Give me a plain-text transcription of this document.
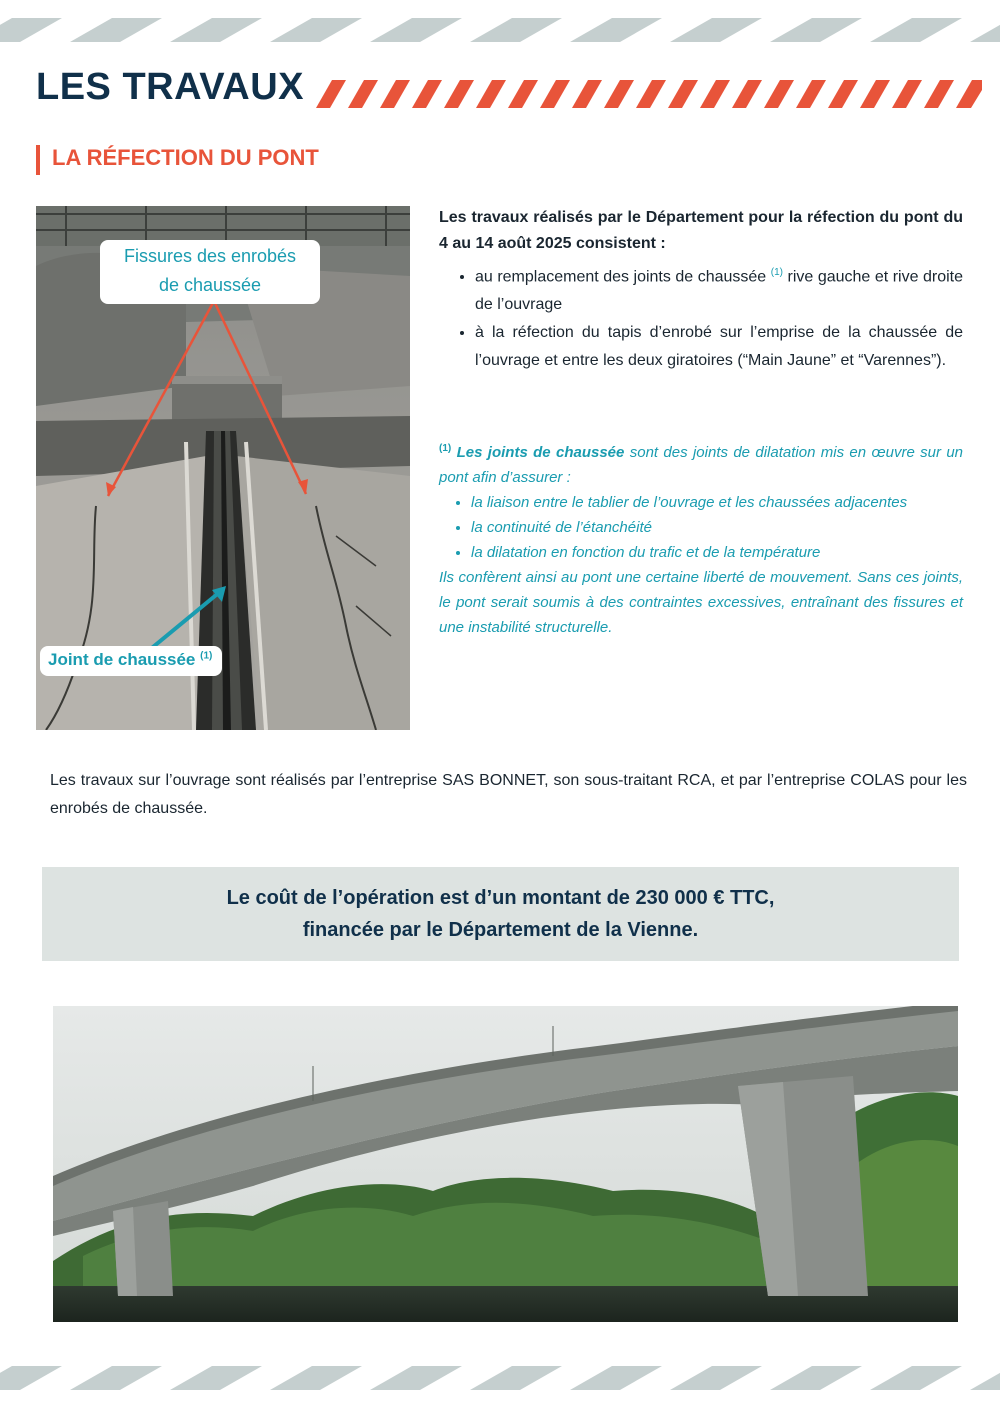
LES TRAVAUX
LA RÉFECTION DU PONT
Fissures des enrobés
de chaussée
Joint de chaussée $^{(1)}$
Les travaux réalisés par le Département pour la réfection du pont du 4 au 14 août 2025 consistent :
• au remplacement des joints de chaussée $^{(1)}$ rive gauche et rive droite de l’ouvrage
• à la réfection du tapis d’enrobé sur l’emprise de la chaussée de l’ouvrage et entre les deux giratoires (“Main Jaune” et “Varennes”).
$^{(1)}$ Les joints de chaussée sont des joints de dilatation mis en œuvre sur un pont afin d’assurer :
• la liaison entre le tablier de l’ouvrage et les chaussées adjacentes
• la continuité de l’étanchéité
• la dilatation en fonction du trafic et de la température
Ils confèrent ainsi au pont une certaine liberté de mouvement. Sans ces joints, le pont serait soumis à des contraintes excessives, entraînant des fissures et une instabilité structurelle.

Les travaux sur l’ouvrage sont réalisés par l’entreprise SAS BONNET, son sous-traitant RCA, et par l’entreprise COLAS pour les enrobés de chaussée.

Le coût de l’opération est d’un montant de 230 000 € TTC,
financée par le Département de la Vienne.
